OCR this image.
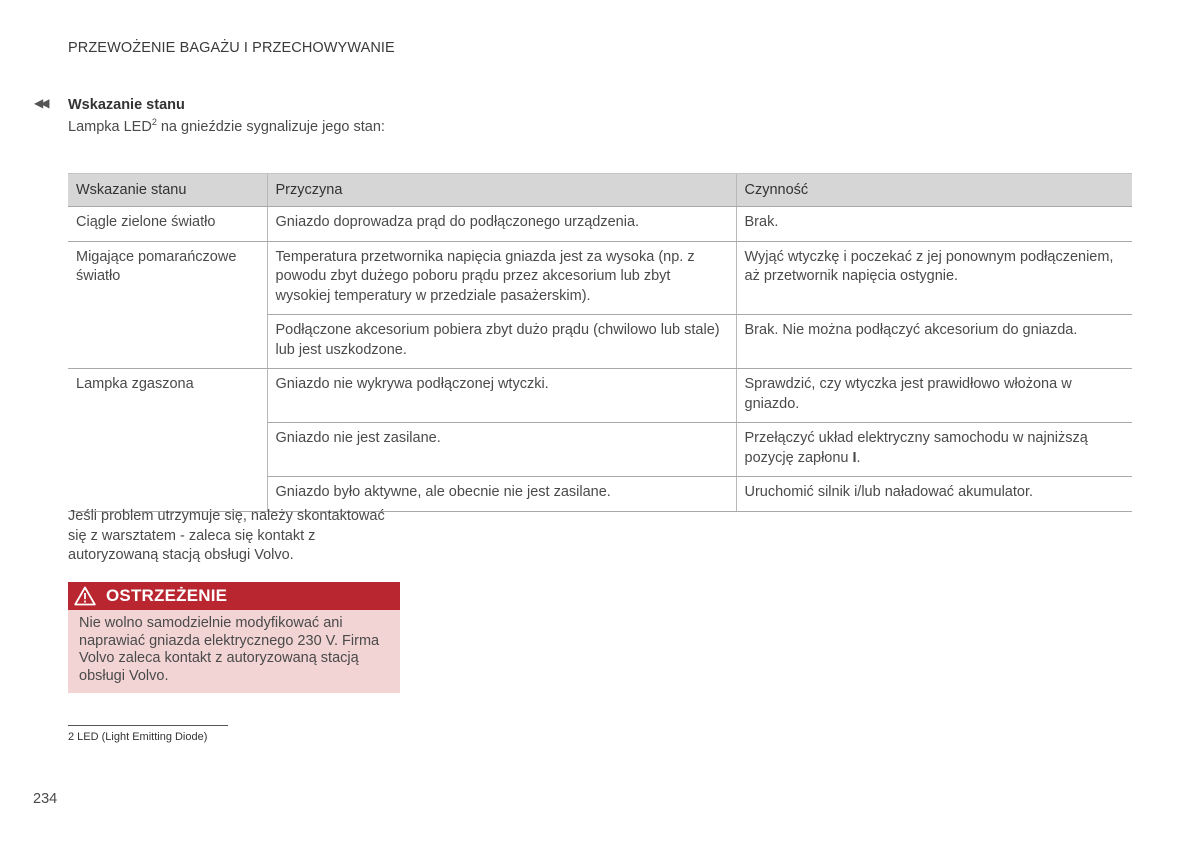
PRZEWOŻENIE BAGAŻU I PRZECHOWYWANIE
◀◀ Wskazanie stanu
Lampka LED$^2$ na gnieździe sygnalizuje jego stan:
Wskazanie stanu	Przyczyna	Czynność
Ciągle zielone światło	Gniazdo doprowadza prąd do podłączonego urządzenia.	Brak.
Migające pomarańczowe światło	Temperatura przetwornika napięcia gniazda jest za wysoka (np. z powodu zbyt dużego poboru prądu przez akcesorium lub zbyt wysokiej temperatury w przedziale pasażerskim).	Wyjąć wtyczkę i poczekać z jej ponownym podłączeniem, aż przetwornik napięcia ostygnie.
	Podłączone akcesorium pobiera zbyt dużo prądu (chwilowo lub stale) lub jest uszkodzone.	Brak. Nie można podłączyć akcesorium do gniazda.
Lampka zgaszona	Gniazdo nie wykrywa podłączonej wtyczki.	Sprawdzić, czy wtyczka jest prawidłowo włożona w gniazdo.
	Gniazdo nie jest zasilane.	Przełączyć układ elektryczny samochodu w najniższą pozycję zapłonu I.
	Gniazdo było aktywne, ale obecnie nie jest zasilane.	Uruchomić silnik i/lub naładować akumulator.
Jeśli problem utrzymuje się, należy skontaktować się z warsztatem - zaleca się kontakt z autoryzowaną stacją obsługi Volvo.
OSTRZEŻENIE
Nie wolno samodzielnie modyfikować ani naprawiać gniazda elektrycznego 230 V. Firma Volvo zaleca kontakt z autoryzowaną stacją obsługi Volvo.
2 LED (Light Emitting Diode)
234
